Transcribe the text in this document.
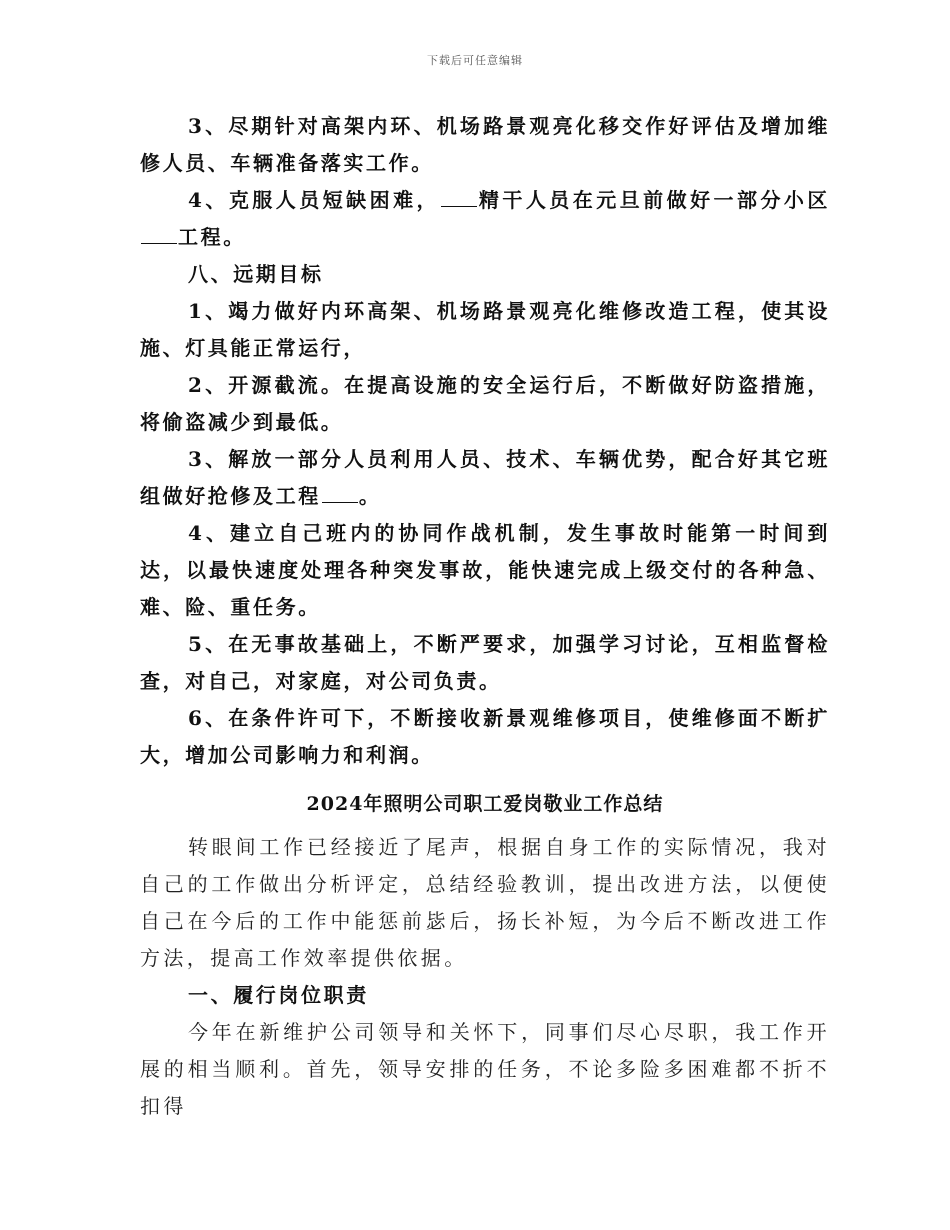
下载后可任意编辑

3、尽期针对高架内环、机场路景观亮化移交作好评估及增加维修人员、车辆准备落实工作。

4、克服人员短缺困难， 精干人员在元旦前做好一部分小区工程。

八、远期目标

1、竭力做好内环高架、机场路景观亮化维修改造工程，使其设施、灯具能正常运行，

2、开源截流。在提高设施的安全运行后，不断做好防盗措施，将偷盗减少到最低。

3、解放一部分人员利用人员、技术、车辆优势，配合好其它班组做好抢修及工程 。

4、建立自己班内的协同作战机制，发生事故时能第一时间到达，以最快速度处理各种突发事故，能快速完成上级交付的各种急、难、险、重任务。

5、在无事故基础上，不断严要求，加强学习讨论，互相监督检查，对自己，对家庭，对公司负责。

6、在条件许可下，不断接收新景观维修项目，使维修面不断扩大，增加公司影响力和利润。

2024年照明公司职工爱岗敬业工作总结

转眼间工作已经接近了尾声，根据自身工作的实际情况，我对自己的工作做出分析评定，总结经验教训，提出改进方法，以便使自己在今后的工作中能惩前毖后，扬长补短，为今后不断改进工作方法，提高工作效率提供依据。

一、履行岗位职责

今年在新维护公司领导和关怀下，同事们尽心尽职，我工作开展的相当顺利。首先，领导安排的任务，不论多险多困难都不折不扣得
